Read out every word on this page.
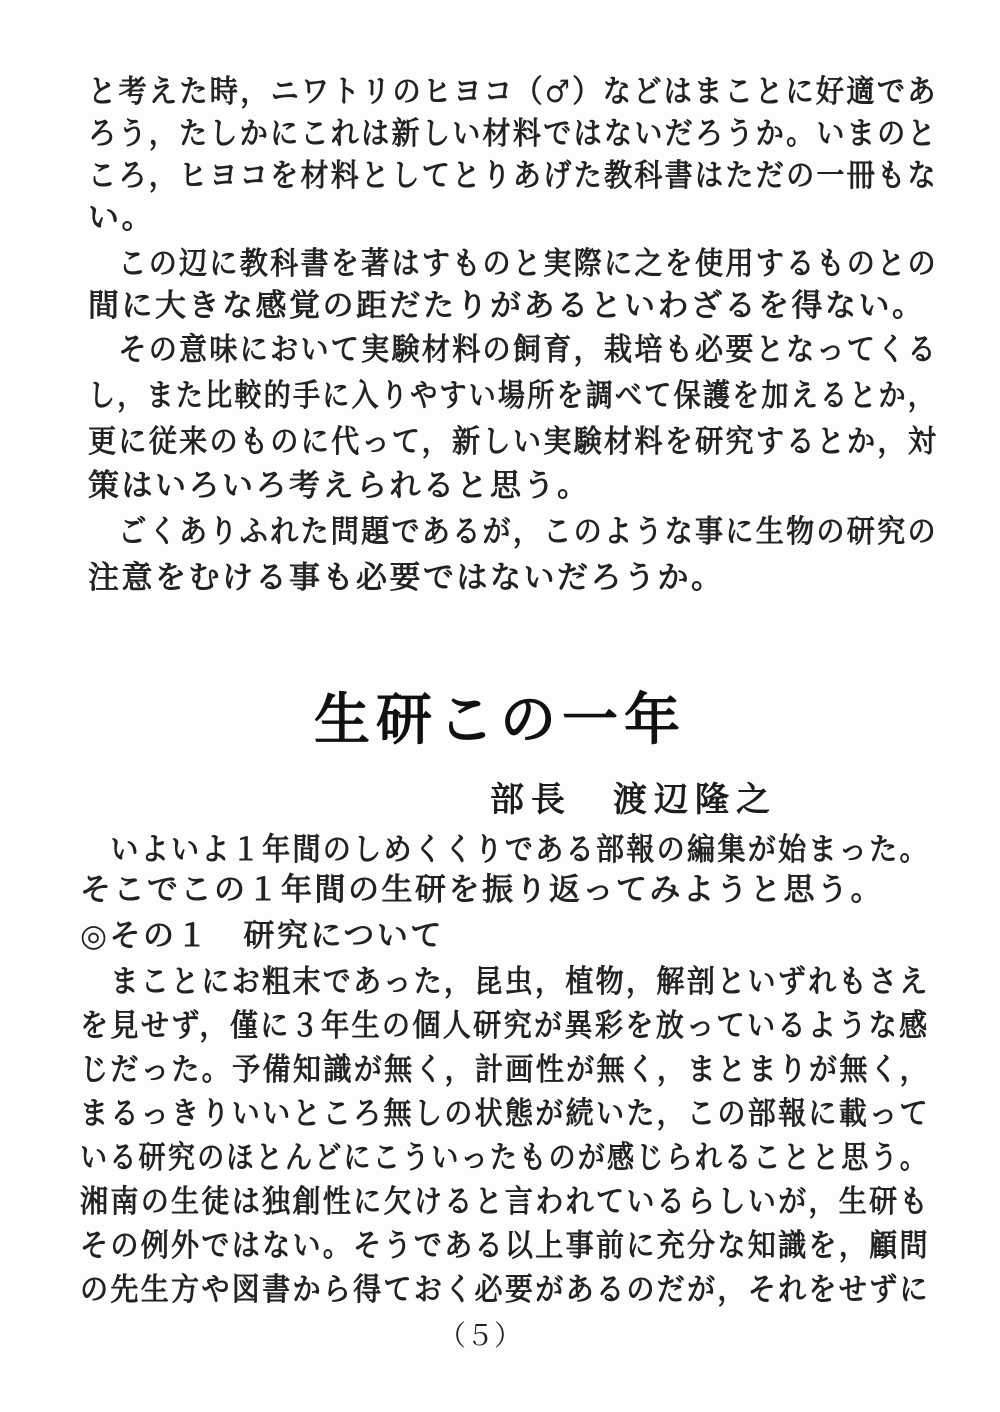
と考えた時，ニワトリのヒヨコ（♂）などはまことに好適であ
ろう，たしかにこれは新しい材料ではないだろうか。いまのと
ころ，ヒヨコを材料としてとりあげた教科書はただの一冊もな
い。
　この辺に教科書を著はすものと実際に之を使用するものとの
間に大きな感覚の距だたりがあるといわざるを得ない。
　その意味において実験材料の飼育，栽培も必要となってくる
し，また比較的手に入りやすい場所を調べて保護を加えるとか，
更に従来のものに代って，新しい実験材料を研究するとか，対
策はいろいろ考えられると思う。
　ごくありふれた問題であるが，このような事に生物の研究の
注意をむける事も必要ではないだろうか。
生研この一年
部長　渡辺隆之
　いよいよ１年間のしめくくりである部報の編集が始まった。
そこでこの１年間の生研を振り返ってみようと思う。
◎その１　研究について
　まことにお粗末であった，昆虫，植物，解剖といずれもさえ
を見せず，僅に３年生の個人研究が異彩を放っているような感
じだった。予備知識が無く，計画性が無く，まとまりが無く，
まるっきりいいところ無しの状態が続いた，この部報に載って
いる研究のほとんどにこういったものが感じられることと思う。
湘南の生徒は独創性に欠けると言われているらしいが，生研も
その例外ではない。そうである以上事前に充分な知識を，顧問
の先生方や図書から得ておく必要があるのだが，それをせずに
（５）
